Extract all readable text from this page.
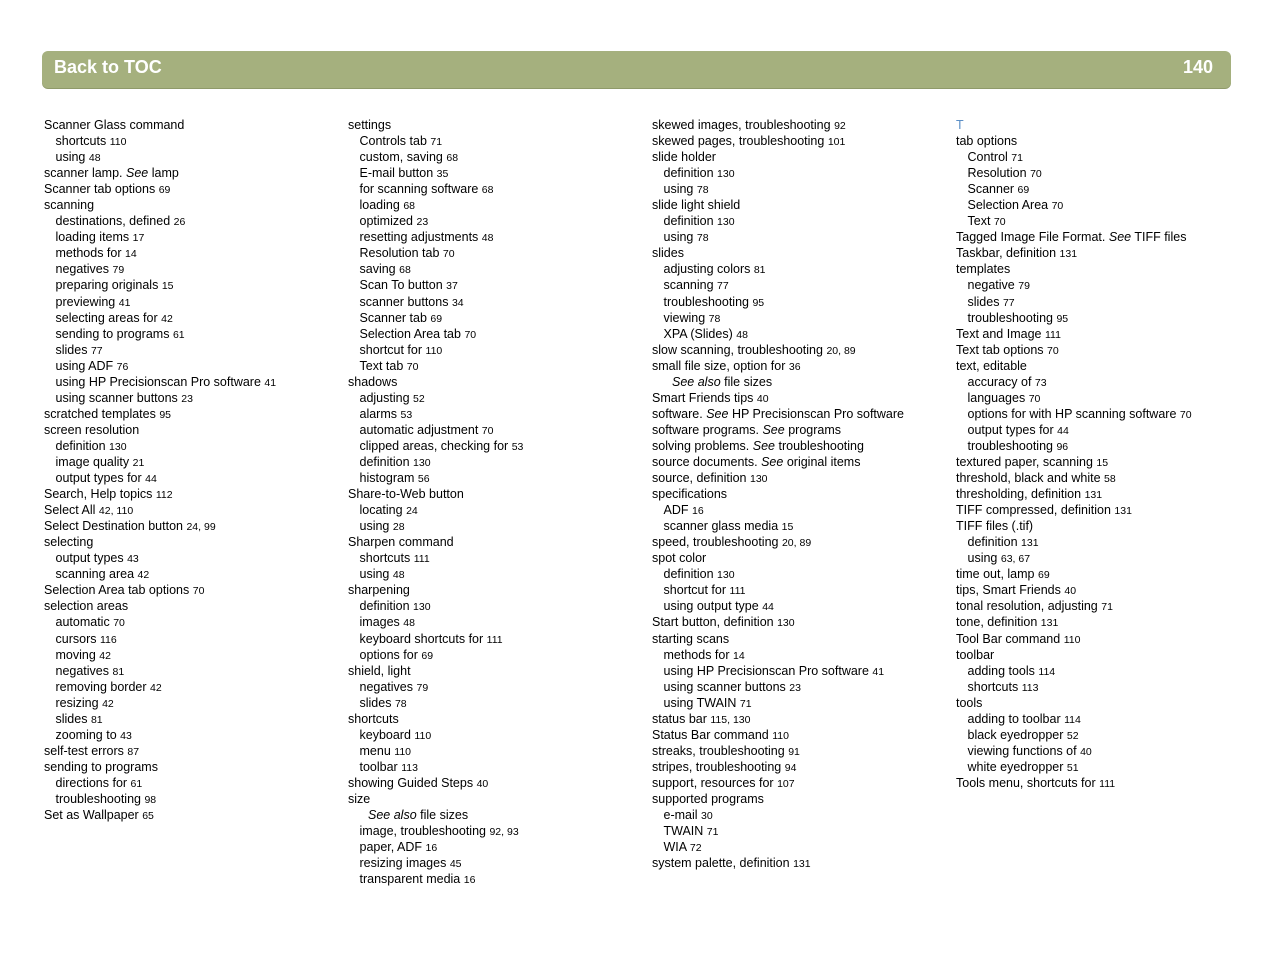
Back to TOC	140
Scanner Glass command
shortcuts 110
using 48
scanner lamp. See lamp
Scanner tab options 69
scanning
destinations, defined 26
loading items 17
methods for 14
negatives 79
preparing originals 15
previewing 41
selecting areas for 42
sending to programs 61
slides 77
using ADF 76
using HP Precisionscan Pro software 41
using scanner buttons 23
scratched templates 95
screen resolution
definition 130
image quality 21
output types for 44
Search, Help topics 112
Select All 42, 110
Select Destination button 24, 99
selecting
output types 43
scanning area 42
Selection Area tab options 70
selection areas
automatic 70
cursors 116
moving 42
negatives 81
removing border 42
resizing 42
slides 81
zooming to 43
self-test errors 87
sending to programs
directions for 61
troubleshooting 98
Set as Wallpaper 65
settings
Controls tab 71
custom, saving 68
E-mail button 35
for scanning software 68
loading 68
optimized 23
resetting adjustments 48
Resolution tab 70
saving 68
Scan To button 37
scanner buttons 34
Scanner tab 69
Selection Area tab 70
shortcut for 110
Text tab 70
shadows
adjusting 52
alarms 53
automatic adjustment 70
clipped areas, checking for 53
definition 130
histogram 56
Share-to-Web button
locating 24
using 28
Sharpen command
shortcuts 111
using 48
sharpening
definition 130
images 48
keyboard shortcuts for 111
options for 69
shield, light
negatives 79
slides 78
shortcuts
keyboard 110
menu 110
toolbar 113
showing Guided Steps 40
size
See also file sizes
image, troubleshooting 92, 93
paper, ADF 16
resizing images 45
transparent media 16
skewed images, troubleshooting 92
skewed pages, troubleshooting 101
slide holder
definition 130
using 78
slide light shield
definition 130
using 78
slides
adjusting colors 81
scanning 77
troubleshooting 95
viewing 78
XPA (Slides) 48
slow scanning, troubleshooting 20, 89
small file size, option for 36
See also file sizes
Smart Friends tips 40
software. See HP Precisionscan Pro software
software programs. See programs
solving problems. See troubleshooting
source documents. See original items
source, definition 130
specifications
ADF 16
scanner glass media 15
speed, troubleshooting 20, 89
spot color
definition 130
shortcut for 111
using output type 44
Start button, definition 130
starting scans
methods for 14
using HP Precisionscan Pro software 41
using scanner buttons 23
using TWAIN 71
status bar 115, 130
Status Bar command 110
streaks, troubleshooting 91
stripes, troubleshooting 94
support, resources for 107
supported programs
e-mail 30
TWAIN 71
WIA 72
system palette, definition 131
T
tab options
Control 71
Resolution 70
Scanner 69
Selection Area 70
Text 70
Tagged Image File Format. See TIFF files
Taskbar, definition 131
templates
negative 79
slides 77
troubleshooting 95
Text and Image 111
Text tab options 70
text, editable
accuracy of 73
languages 70
options for with HP scanning software 70
output types for 44
troubleshooting 96
textured paper, scanning 15
threshold, black and white 58
thresholding, definition 131
TIFF compressed, definition 131
TIFF files (.tif)
definition 131
using 63, 67
time out, lamp 69
tips, Smart Friends 40
tonal resolution, adjusting 71
tone, definition 131
Tool Bar command 110
toolbar
adding tools 114
shortcuts 113
tools
adding to toolbar 114
black eyedropper 52
viewing functions of 40
white eyedropper 51
Tools menu, shortcuts for 111
